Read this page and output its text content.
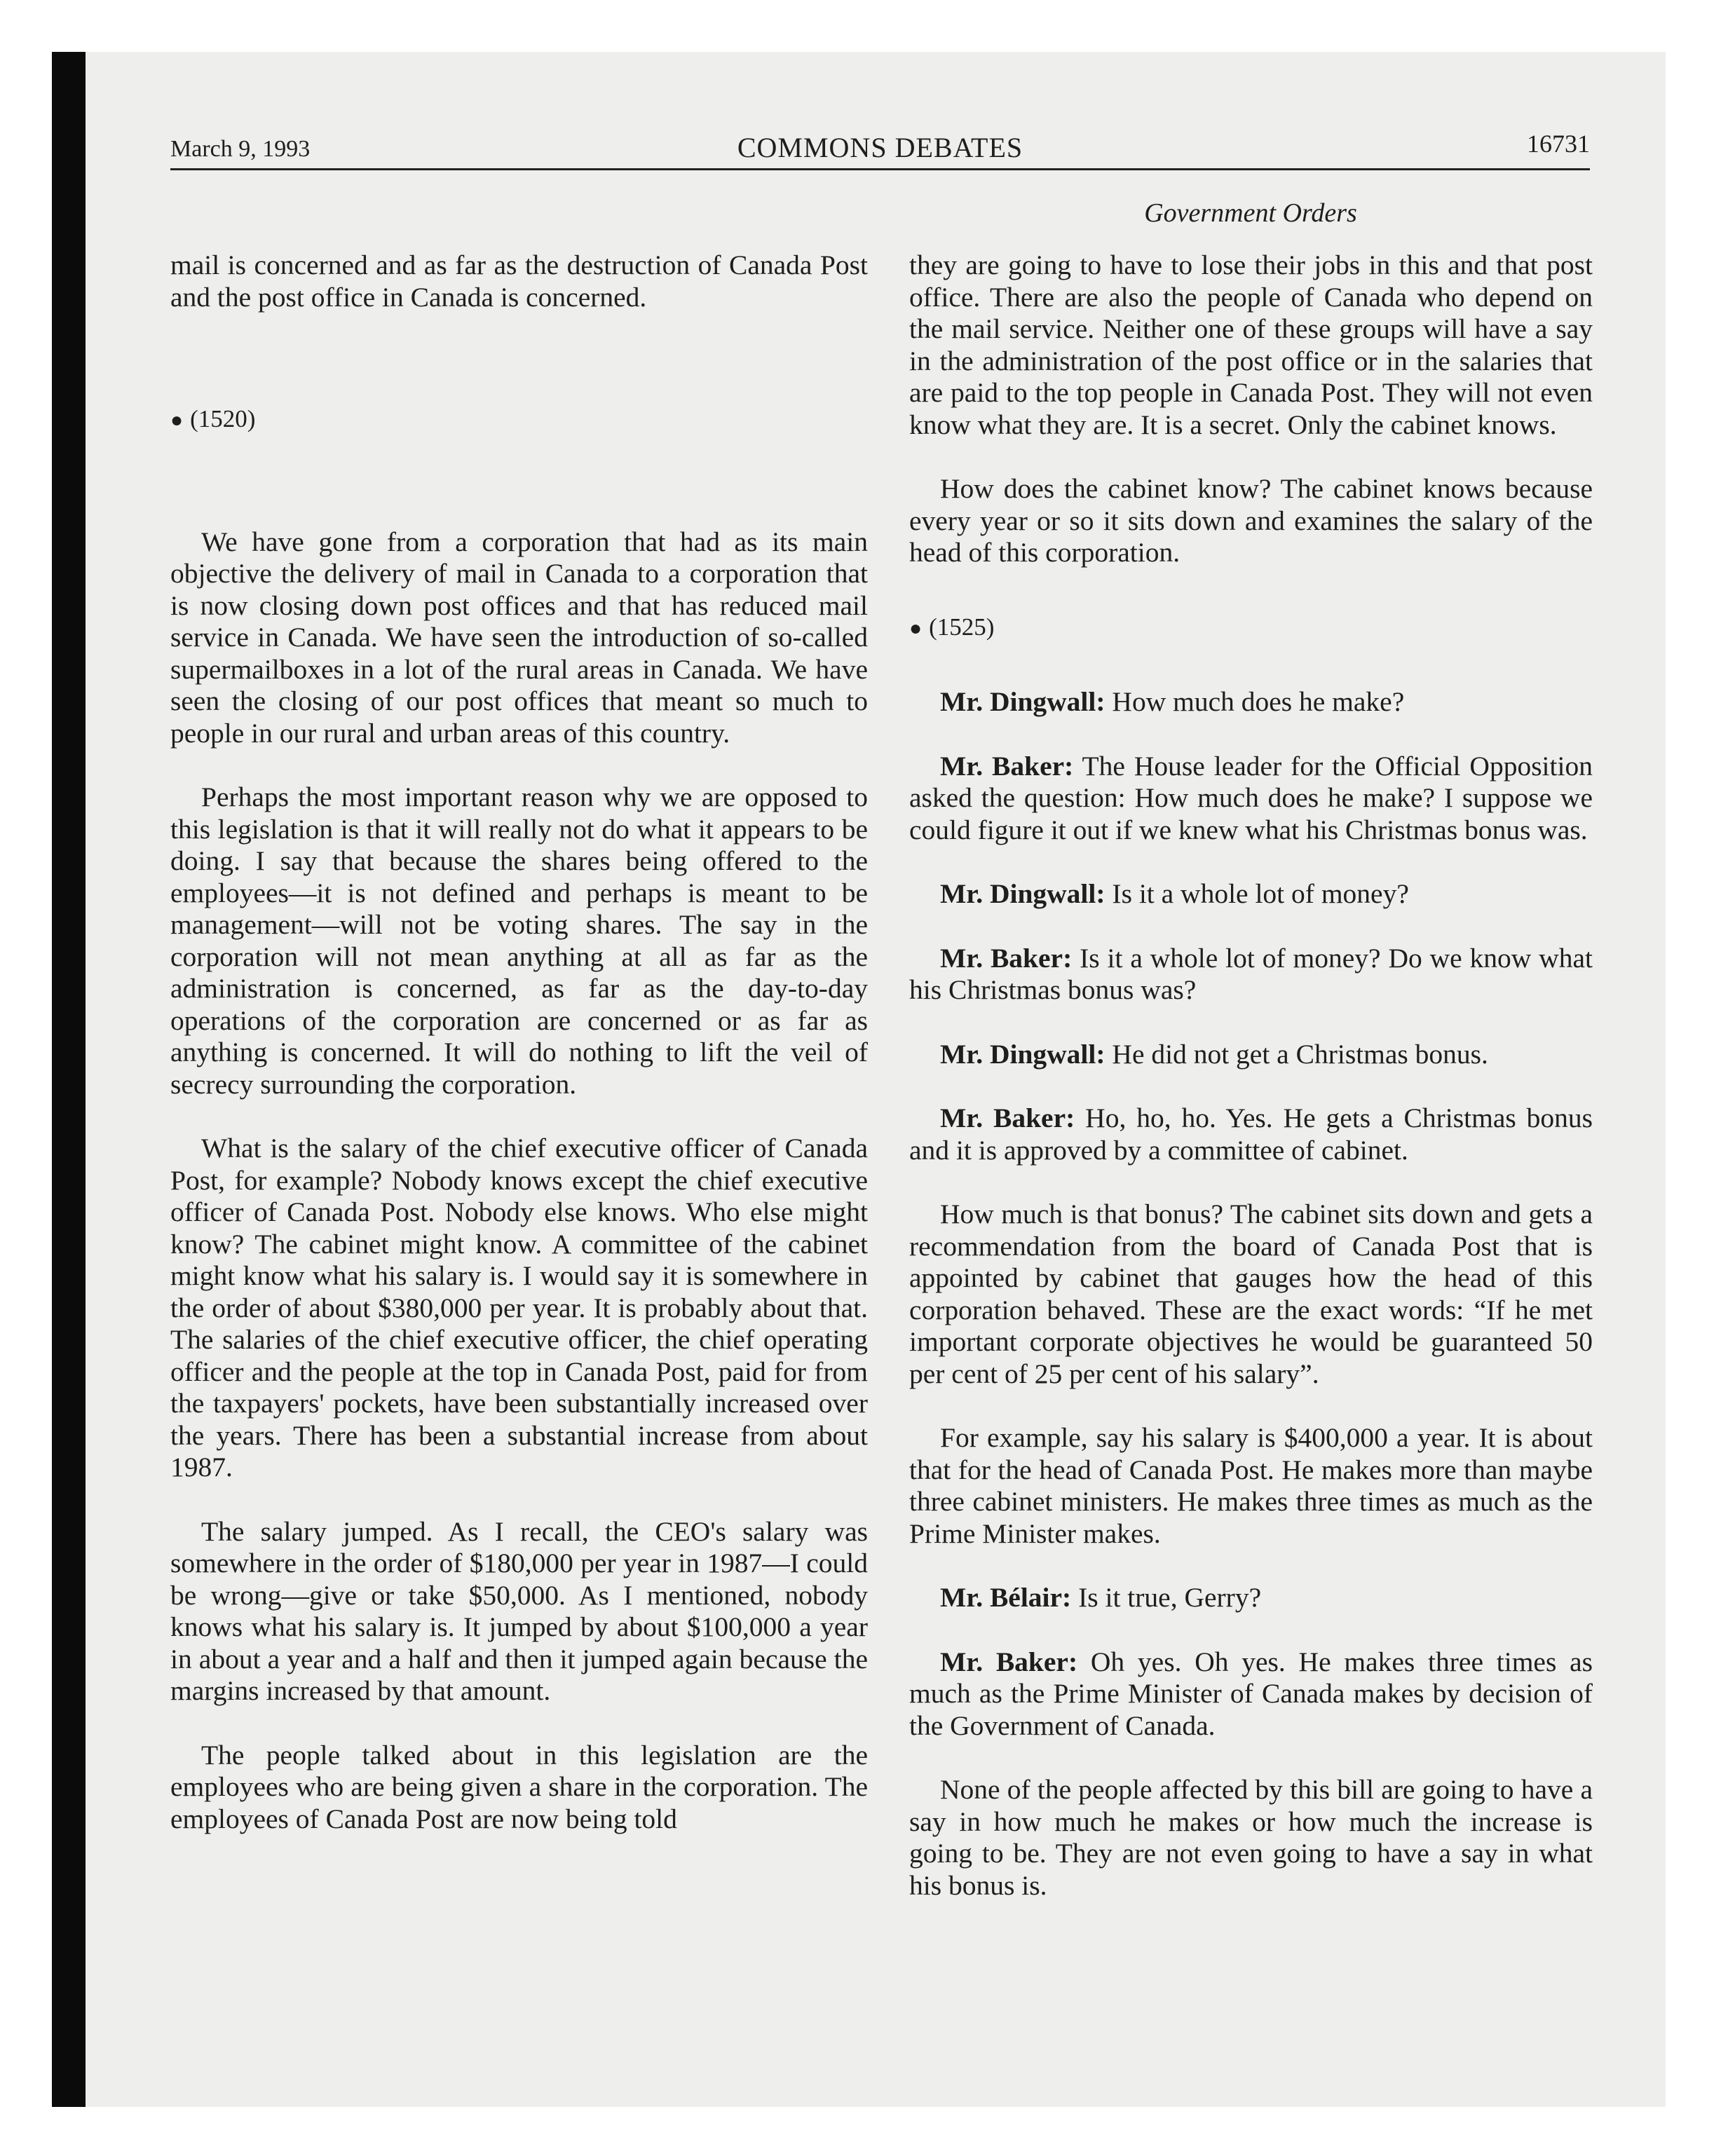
March 9, 1993	COMMONS DEBATES	16731
Government Orders

mail is concerned and as far as the destruction of Canada Post and the post office in Canada is concerned.

● (1520)

We have gone from a corporation that had as its main objective the delivery of mail in Canada to a corporation that is now closing down post offices and that has reduced mail service in Canada. We have seen the introduction of so-called supermailboxes in a lot of the rural areas in Canada. We have seen the closing of our post offices that meant so much to people in our rural and urban areas of this country.

Perhaps the most important reason why we are opposed to this legislation is that it will really not do what it appears to be doing. I say that because the shares being offered to the employees—it is not defined and perhaps is meant to be management—will not be voting shares. The say in the corporation will not mean anything at all as far as the administration is concerned, as far as the day-to-day operations of the corporation are concerned or as far as anything is concerned. It will do nothing to lift the veil of secrecy surrounding the corporation.

What is the salary of the chief executive officer of Canada Post, for example? Nobody knows except the chief executive officer of Canada Post. Nobody else knows. Who else might know? The cabinet might know. A committee of the cabinet might know what his salary is. I would say it is somewhere in the order of about $380,000 per year. It is probably about that. The salaries of the chief executive officer, the chief operating officer and the people at the top in Canada Post, paid for from the taxpayers' pockets, have been substantially increased over the years. There has been a substantial increase from about 1987.

The salary jumped. As I recall, the CEO's salary was somewhere in the order of $180,000 per year in 1987—I could be wrong—give or take $50,000. As I mentioned, nobody knows what his salary is. It jumped by about $100,000 a year in about a year and a half and then it jumped again because the margins increased by that amount.

The people talked about in this legislation are the employees who are being given a share in the corporation. The employees of Canada Post are now being told

they are going to have to lose their jobs in this and that post office. There are also the people of Canada who depend on the mail service. Neither one of these groups will have a say in the administration of the post office or in the salaries that are paid to the top people in Canada Post. They will not even know what they are. It is a secret. Only the cabinet knows.

How does the cabinet know? The cabinet knows because every year or so it sits down and examines the salary of the head of this corporation.

● (1525)

Mr. Dingwall: How much does he make?

Mr. Baker: The House leader for the Official Opposition asked the question: How much does he make? I suppose we could figure it out if we knew what his Christmas bonus was.

Mr. Dingwall: Is it a whole lot of money?

Mr. Baker: Is it a whole lot of money? Do we know what his Christmas bonus was?

Mr. Dingwall: He did not get a Christmas bonus.

Mr. Baker: Ho, ho, ho. Yes. He gets a Christmas bonus and it is approved by a committee of cabinet.

How much is that bonus? The cabinet sits down and gets a recommendation from the board of Canada Post that is appointed by cabinet that gauges how the head of this corporation behaved. These are the exact words: “If he met important corporate objectives he would be guaranteed 50 per cent of 25 per cent of his salary”.

For example, say his salary is $400,000 a year. It is about that for the head of Canada Post. He makes more than maybe three cabinet ministers. He makes three times as much as the Prime Minister makes.

Mr. Bélair: Is it true, Gerry?

Mr. Baker: Oh yes. Oh yes. He makes three times as much as the Prime Minister of Canada makes by decision of the Government of Canada.

None of the people affected by this bill are going to have a say in how much he makes or how much the increase is going to be. They are not even going to have a say in what his bonus is.
